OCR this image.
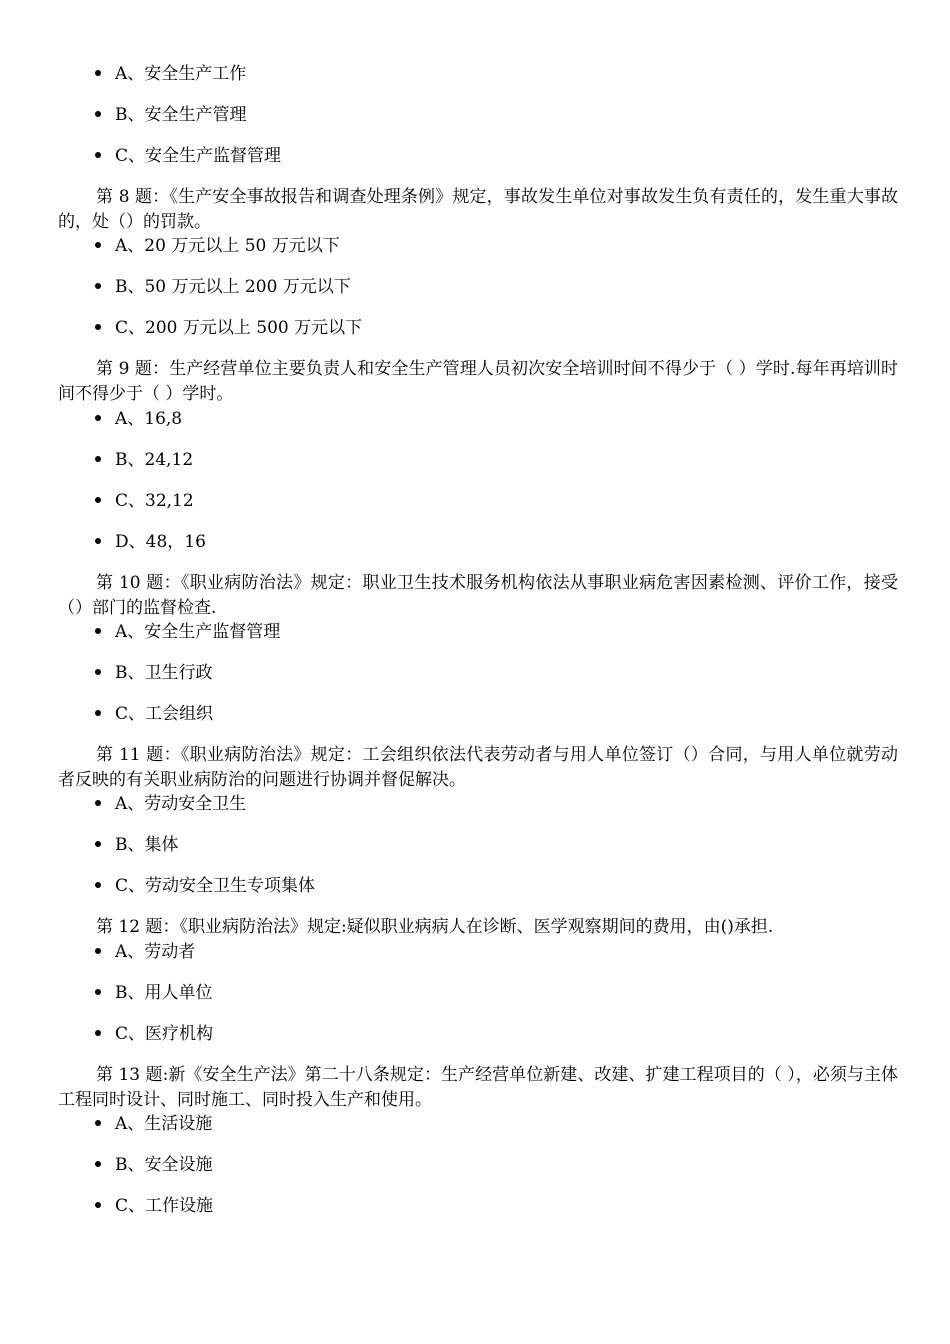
A、安全生产工作
B、安全生产管理
C、安全生产监督管理
第 8 题：《生产安全事故报告和调查处理条例》规定，事故发生单位对事故发生负有责任的，发生重大事故的，处（）的罚款。
A、20 万元以上 50 万元以下
B、50 万元以上 200 万元以下
C、200 万元以上 500 万元以下
第 9 题：生产经营单位主要负责人和安全生产管理人员初次安全培训时间不得少于（ ）学时.每年再培训时间不得少于（ ）学时。
A、16,8
B、24,12
C、32,12
D、48，16
第 10 题：《职业病防治法》规定：职业卫生技术服务机构依法从事职业病危害因素检测、评价工作，接受（）部门的监督检查.
A、安全生产监督管理
B、卫生行政
C、工会组织
第 11 题：《职业病防治法》规定：工会组织依法代表劳动者与用人单位签订（）合同，与用人单位就劳动者反映的有关职业病防治的问题进行协调并督促解决。
A、劳动安全卫生
B、集体
C、劳动安全卫生专项集体
第 12 题：《职业病防治法》规定:疑似职业病病人在诊断、医学观察期间的费用，由()承担.
A、劳动者
B、用人单位
C、医疗机构
第 13 题:新《安全生产法》第二十八条规定：生产经营单位新建、改建、扩建工程项目的（ ），必须与主体工程同时设计、同时施工、同时投入生产和使用。
A、生活设施
B、安全设施
C、工作设施
